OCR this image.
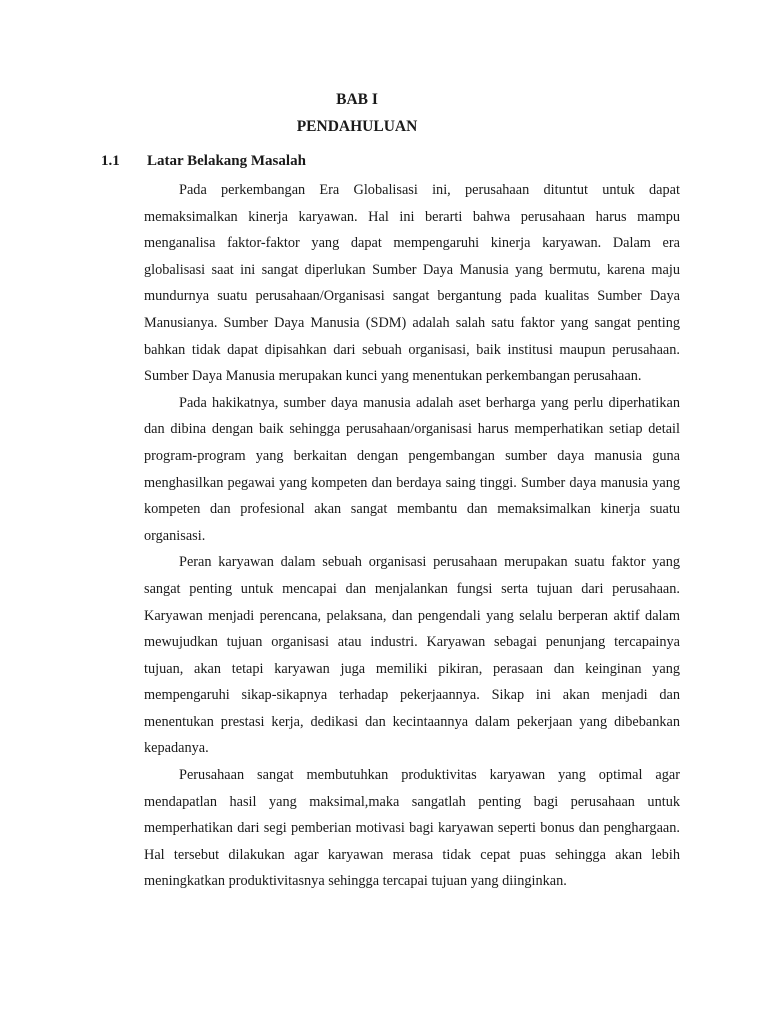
BAB I
PENDAHULUAN
1.1 Latar Belakang Masalah

Pada perkembangan Era Globalisasi ini, perusahaan dituntut untuk dapat memaksimalkan kinerja karyawan. Hal ini berarti bahwa perusahaan harus mampu menganalisa faktor-faktor yang dapat mempengaruhi kinerja karyawan. Dalam era globalisasi saat ini sangat diperlukan Sumber Daya Manusia yang bermutu, karena maju mundurnya suatu perusahaan/Organisasi sangat bergantung pada kualitas Sumber Daya Manusianya. Sumber Daya Manusia (SDM) adalah salah satu faktor yang sangat penting bahkan tidak dapat dipisahkan dari sebuah organisasi, baik institusi maupun perusahaan. Sumber Daya Manusia merupakan kunci yang menentukan perkembangan perusahaan.

Pada hakikatnya, sumber daya manusia adalah aset berharga yang perlu diperhatikan dan dibina dengan baik sehingga perusahaan/organisasi harus memperhatikan setiap detail program-program yang berkaitan dengan pengembangan sumber daya manusia guna menghasilkan pegawai yang kompeten dan berdaya saing tinggi. Sumber daya manusia yang kompeten dan profesional akan sangat membantu dan memaksimalkan kinerja suatu organisasi.

Peran karyawan dalam sebuah organisasi perusahaan merupakan suatu faktor yang sangat penting untuk mencapai dan menjalankan fungsi serta tujuan dari perusahaan. Karyawan menjadi perencana, pelaksana, dan pengendali yang selalu berperan aktif dalam mewujudkan tujuan organisasi atau industri. Karyawan sebagai penunjang tercapainya tujuan, akan tetapi karyawan juga memiliki pikiran, perasaan dan keinginan yang mempengaruhi sikap-sikapnya terhadap pekerjaannya. Sikap ini akan menjadi dan menentukan prestasi kerja, dedikasi dan kecintaannya dalam pekerjaan yang dibebankan kepadanya.

Perusahaan sangat membutuhkan produktivitas karyawan yang optimal agar mendapatlan hasil yang maksimal,maka sangatlah penting bagi perusahaan untuk memperhatikan dari segi pemberian motivasi bagi karyawan seperti bonus dan penghargaan. Hal tersebut dilakukan agar karyawan merasa tidak cepat puas sehingga akan lebih meningkatkan produktivitasnya sehingga tercapai tujuan yang diinginkan.
